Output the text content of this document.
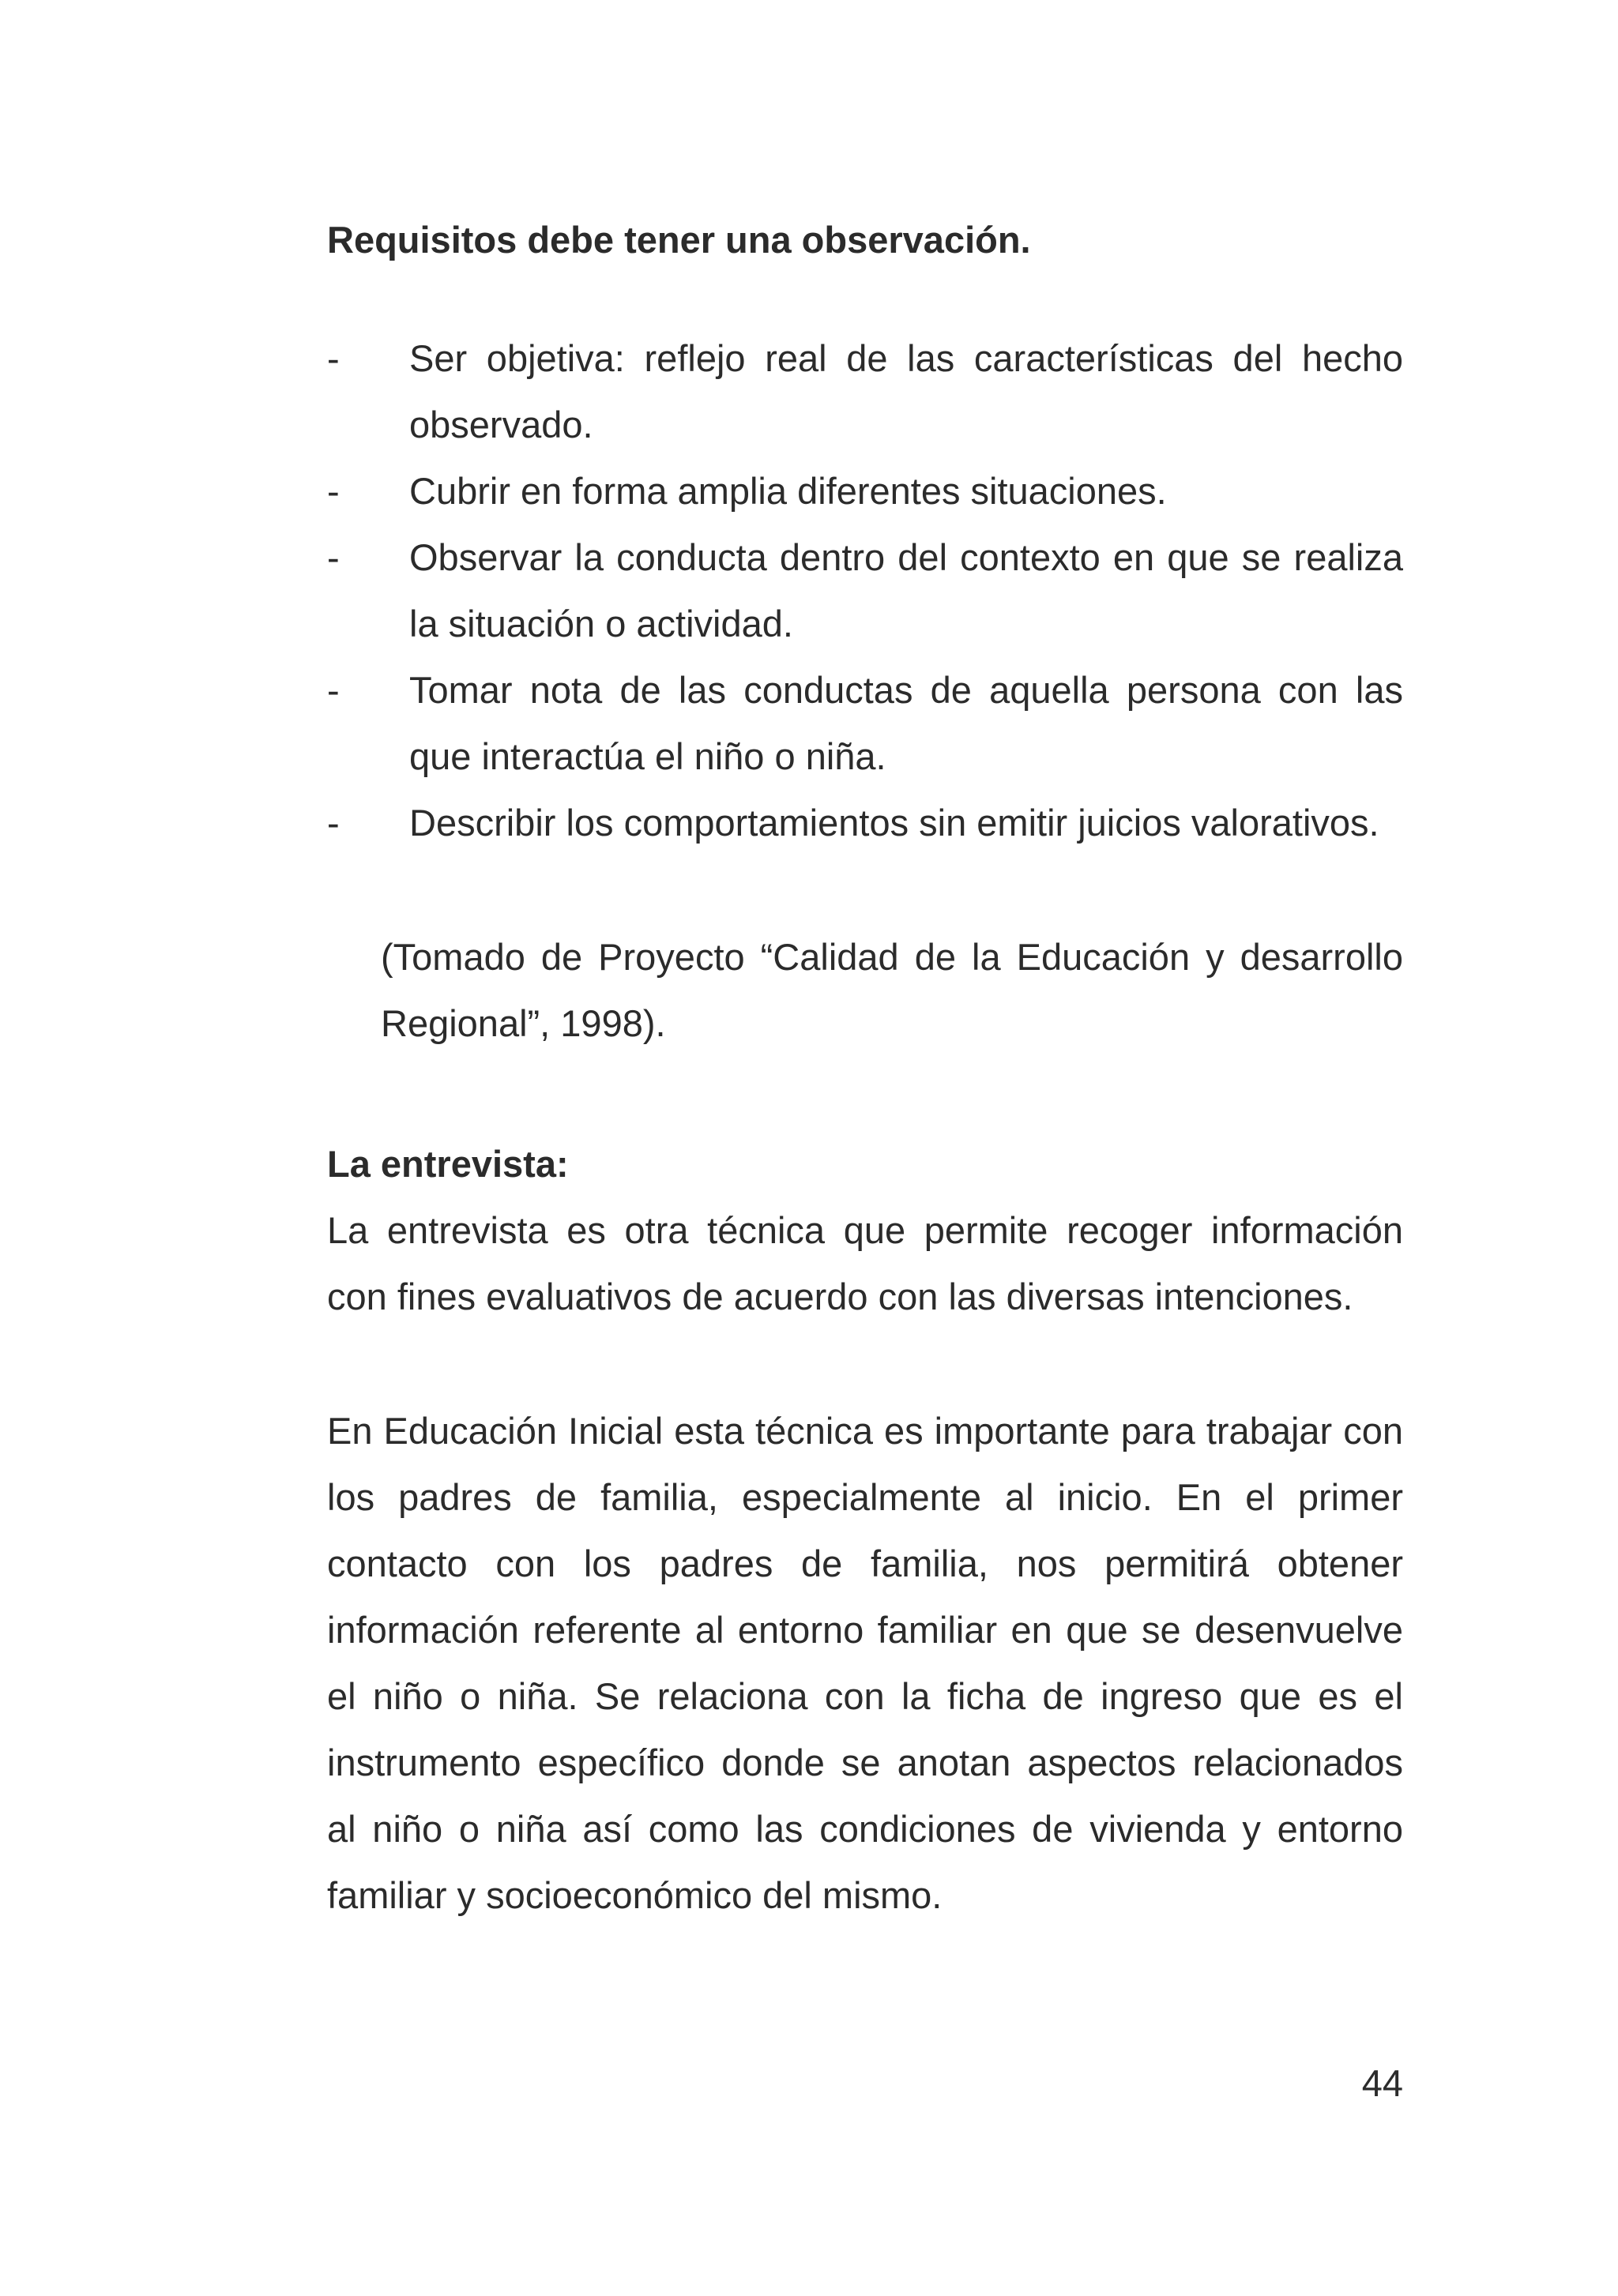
Requisitos debe tener una observación.
- Ser objetiva: reflejo real de las características del hecho observado.
- Cubrir en forma amplia diferentes situaciones.
- Observar la conducta dentro del contexto en que se realiza la situación o actividad.
- Tomar nota de las conductas de aquella persona con las que interactúa el niño o niña.
- Describir los comportamientos sin emitir juicios valorativos.
(Tomado de Proyecto “Calidad de la Educación y desarrollo Regional”, 1998).
La entrevista:
La entrevista es otra técnica que permite recoger información con fines evaluativos de acuerdo con las diversas intenciones.
En Educación Inicial esta técnica es importante para trabajar con los padres de familia, especialmente al inicio. En el primer contacto con los padres de familia, nos permitirá obtener información referente al entorno familiar en que se desenvuelve el niño o niña. Se relaciona con la ficha de ingreso que es el instrumento específico donde se anotan aspectos relacionados al niño o niña así como las condiciones de vivienda y entorno familiar y socioeconómico del mismo.
44
